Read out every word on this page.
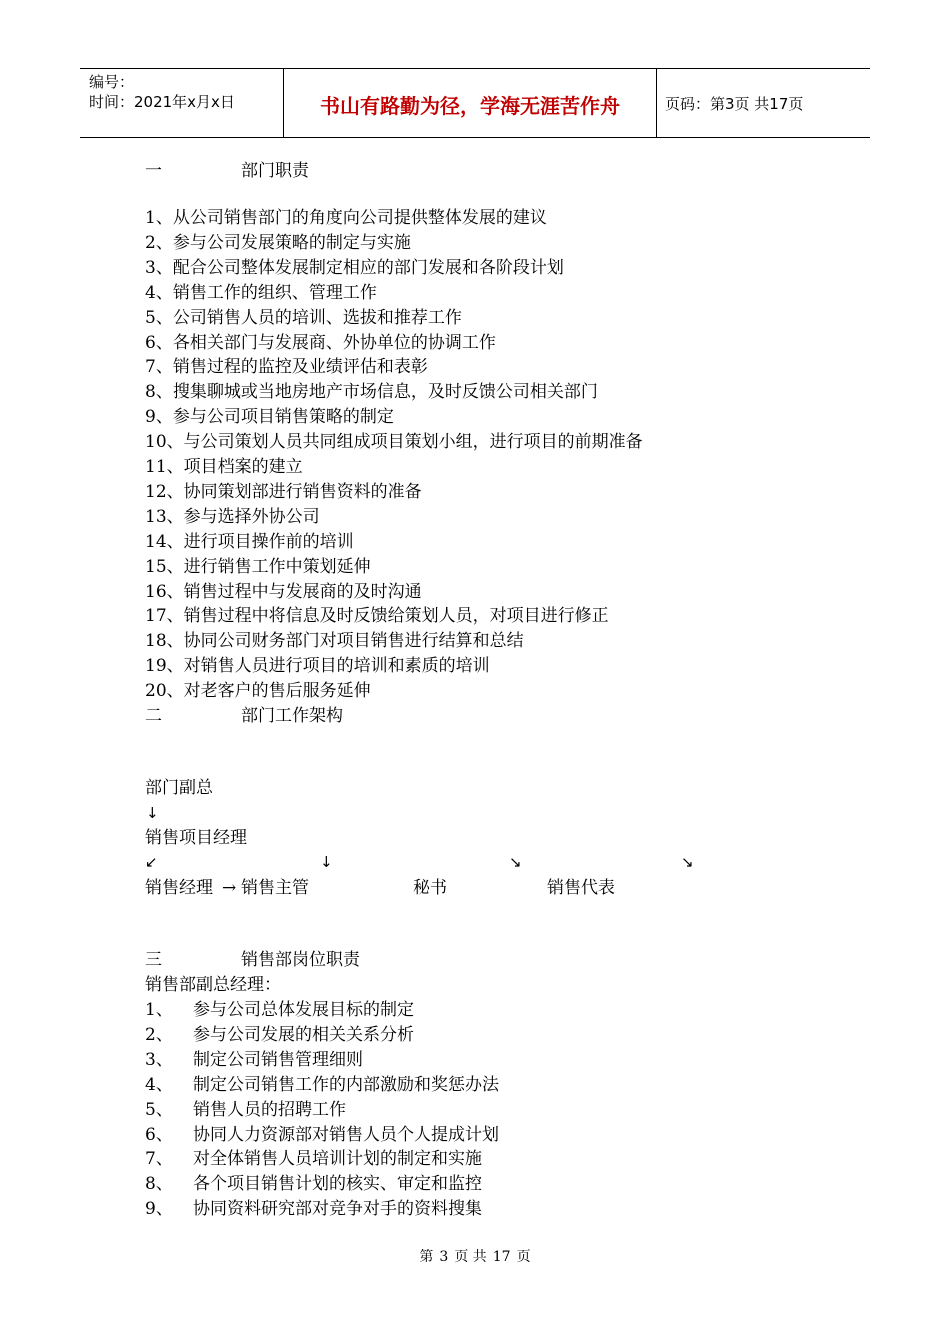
编号：
时间：2021年x月x日	书山有路勤为径，学海无涯苦作舟	页码：第3页 共17页
一	部门职责
1、从公司销售部门的角度向公司提供整体发展的建议
2、参与公司发展策略的制定与实施
3、配合公司整体发展制定相应的部门发展和各阶段计划
4、销售工作的组织、管理工作
5、公司销售人员的培训、选拔和推荐工作
6、各相关部门与发展商、外协单位的协调工作
7、销售过程的监控及业绩评估和表彰
8、搜集聊城或当地房地产市场信息，及时反馈公司相关部门
9、参与公司项目销售策略的制定
10、与公司策划人员共同组成项目策划小组，进行项目的前期准备
11、项目档案的建立
12、协同策划部进行销售资料的准备
13、参与选择外协公司
14、进行项目操作前的培训
15、进行销售工作中策划延伸
16、销售过程中与发展商的及时沟通
17、销售过程中将信息及时反馈给策划人员，对项目进行修正
18、协同公司财务部门对项目销售进行结算和总结
19、对销售人员进行项目的培训和素质的培训
20、对老客户的售后服务延伸
二	部门工作架构
部门副总
↓
销售项目经理
↙	↓	↘	↘
销售经理 → 销售主管	秘书	销售代表
三	销售部岗位职责
销售部副总经理：
1、 参与公司总体发展目标的制定
2、 参与公司发展的相关关系分析
3、 制定公司销售管理细则
4、 制定公司销售工作的内部激励和奖惩办法
5、 销售人员的招聘工作
6、 协同人力资源部对销售人员个人提成计划
7、 对全体销售人员培训计划的制定和实施
8、 各个项目销售计划的核实、审定和监控
9、 协同资料研究部对竞争对手的资料搜集
第 3 页 共 17 页
